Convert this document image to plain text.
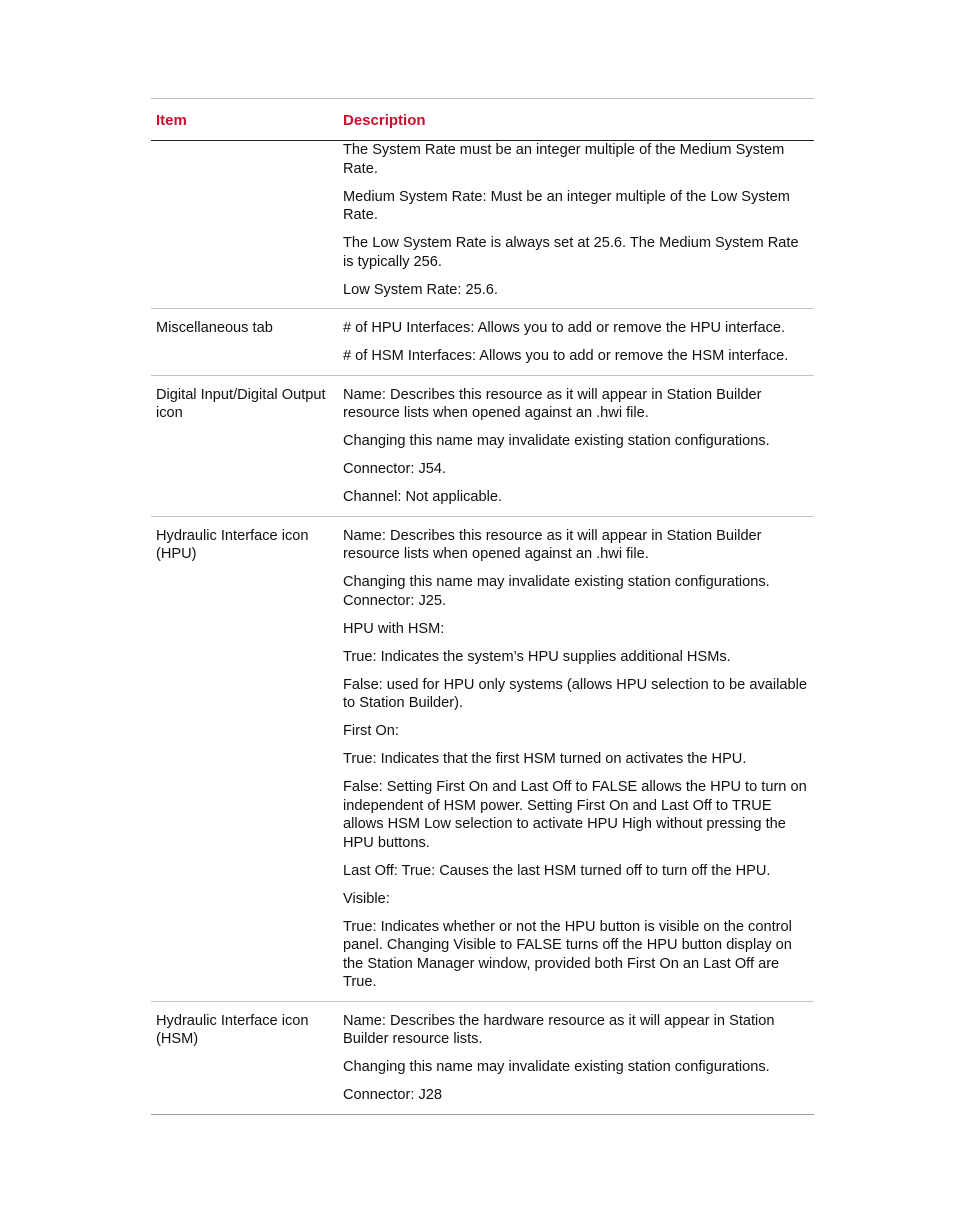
Item	Description
The System Rate must be an integer multiple of the Medium System Rate.
Medium System Rate: Must be an integer multiple of the Low System Rate.
The Low System Rate is always set at 25.6. The Medium System Rate is typically 256.
Low System Rate: 25.6.
Miscellaneous tab	# of HPU Interfaces: Allows you to add or remove the HPU interface.
# of HSM Interfaces: Allows you to add or remove the HSM interface.
Digital Input/Digital Output icon
Name: Describes this resource as it will appear in Station Builder resource lists when opened against an .hwi file.
Changing this name may invalidate existing station configurations.
Connector: J54.
Channel: Not applicable.
Hydraulic Interface icon (HPU)
Name: Describes this resource as it will appear in Station Builder resource lists when opened against an .hwi file.
Changing this name may invalidate existing station configurations. Connector: J25.
HPU with HSM:
True: Indicates the system’s HPU supplies additional HSMs.
False: used for HPU only systems (allows HPU selection to be available to Station Builder).
First On:
True: Indicates that the first HSM turned on activates the HPU.
False: Setting First On and Last Off to FALSE allows the HPU to turn on independent of HSM power. Setting First On and Last Off to TRUE allows HSM Low selection to activate HPU High without pressing the HPU buttons.
Last Off: True: Causes the last HSM turned off to turn off the HPU.
Visible:
True: Indicates whether or not the HPU button is visible on the control panel. Changing Visible to FALSE turns off the HPU button display on the Station Manager window, provided both First On an Last Off are True.
Hydraulic Interface icon (HSM)
Name: Describes the hardware resource as it will appear in Station Builder resource lists.
Changing this name may invalidate existing station configurations.
Connector: J28
